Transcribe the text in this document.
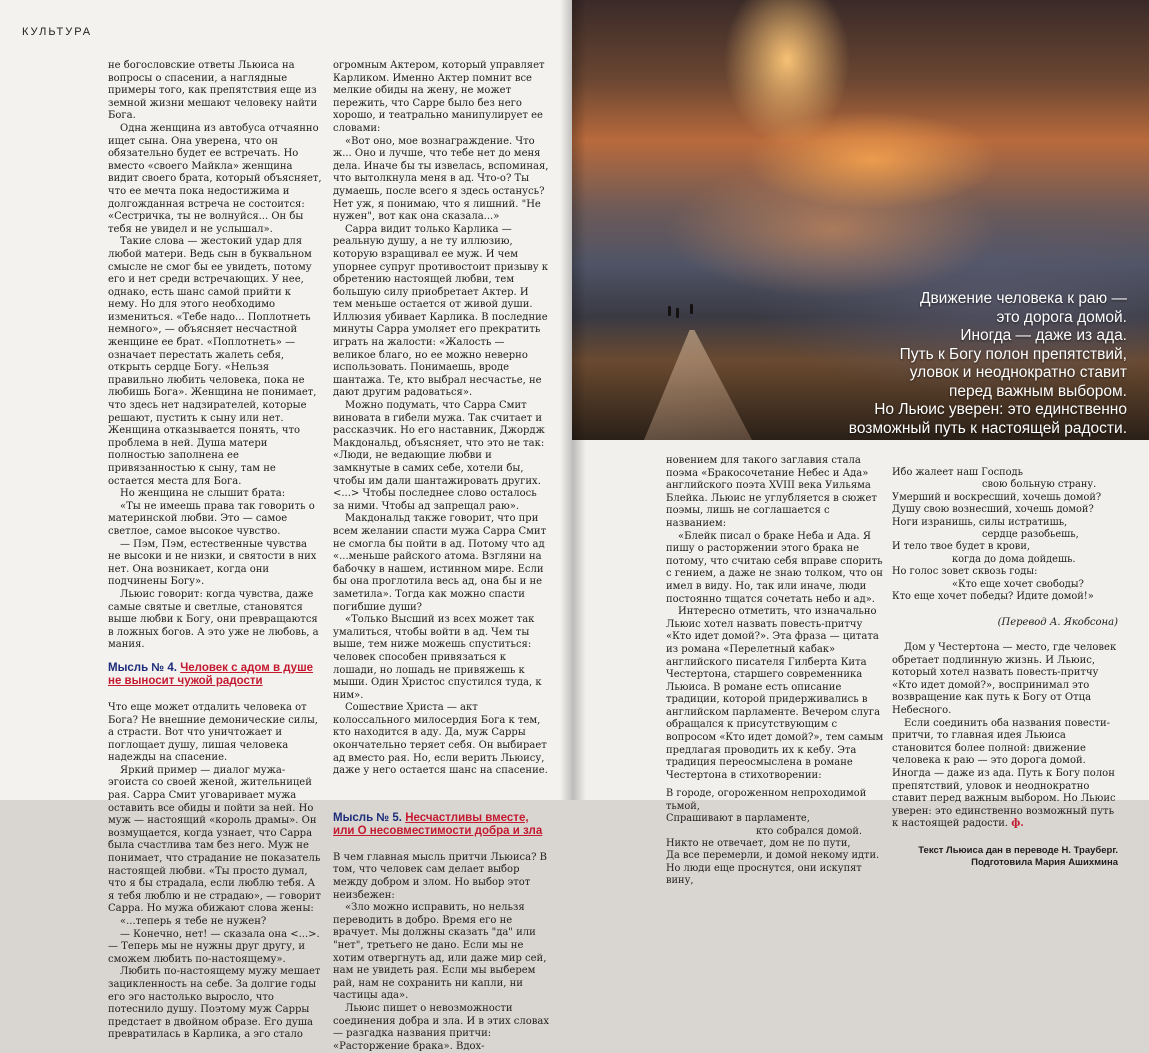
КУЛЬТУРА

не богословские ответы Льюиса на вопросы о спасении, а наглядные примеры того, как препятствия еще из земной жизни мешают человеку найти Бога.

Одна женщина из автобуса отчаянно ищет сына. Она уверена, что он обязательно будет ее встречать. Но вместо «своего Майкла» женщина видит своего брата, который объясняет, что ее мечта пока недостижима и долгожданная встреча не состоится: «Сестричка, ты не волнуйся... Он бы тебя не увидел и не услышал».

Такие слова — жестокий удар для любой матери. Ведь сын в буквальном смысле не смог бы ее увидеть, потому его и нет среди встречающих. У нее, однако, есть шанс самой прийти к нему. Но для этого необходимо измениться. «Тебе надо... Поплотнеть немного», — объясняет несчастной женщине ее брат. «Поплотнеть» — означает перестать жалеть себя, открыть сердце Богу. «Нельзя правильно любить человека, пока не любишь Бога». Женщина не понимает, что здесь нет надзирателей, которые решают, пустить к сыну или нет. Женщина отказывается понять, что проблема в ней. Душа матери полностью заполнена ее привязанностью к сыну, там не остается места для Бога.

Но женщина не слышит брата:

«Ты не имеешь права так говорить о материнской любви. Это — самое светлое, самое высокое чувство.

— Пэм, Пэм, естественные чувства не высоки и не низки, и святости в них нет. Она возникает, когда они подчинены Богу».

Льюис говорит: когда чувства, даже самые святые и светлые, становятся выше любви к Богу, они превращаются в ложных богов. А это уже не любовь, а мания.

Мысль № 4. Человек с адом в душе не выносит чужой радости

Что еще может отдалить человека от Бога? Не внешние демонические силы, а страсти. Вот что уничтожает и поглощает душу, лишая человека надежды на спасение.

Яркий пример — диалог мужа-эгоиста со своей женой, жительницей рая. Сарра Смит уговаривает мужа оставить все обиды и пойти за ней. Но муж — настоящий «король драмы». Он возмущается, когда узнает, что Сарра была счастлива там без него. Муж не понимает, что страдание не показатель настоящей любви. «Ты просто думал, что я бы страдала, если люблю тебя. А я тебя люблю и не страдаю», — говорит Сарра. Но мужа обижают слова жены:

«...теперь я тебе не нужен?

— Конечно, нет! — сказала она <...>. — Теперь мы не нужны друг другу, и сможем любить по-настоящему».

Любить по-настоящему мужу мешает зацикленность на себе. За долгие годы его эго настолько выросло, что потеснило душу. Поэтому муж Сарры предстает в двойном образе. Его душа превратилась в Карлика, а эго стало

огромным Актером, который управляет Карликом. Именно Актер помнит все мелкие обиды на жену, не может пережить, что Сарре было без него хорошо, и театрально манипулирует ее словами:

«Вот оно, мое вознаграждение. Что ж... Оно и лучше, что тебе нет до меня дела. Иначе бы ты извелась, вспоминая, что вытолкнула меня в ад. Что-о? Ты думаешь, после всего я здесь останусь? Нет уж, я понимаю, что я лишний. "Не нужен", вот как она сказала...»

Сарра видит только Карлика — реальную душу, а не ту иллюзию, которую взращивал ее муж. И чем упорнее супруг противостоит призыву к обретению настоящей любви, тем большую силу приобретает Актер. И тем меньше остается от живой души. Иллюзия убивает Карлика. В последние минуты Сарра умоляет его прекратить играть на жалости: «Жалость — великое благо, но ее можно неверно использовать. Понимаешь, вроде шантажа. Те, кто выбрал несчастье, не дают другим радоваться».

Можно подумать, что Сарра Смит виновата в гибели мужа. Так считает и рассказчик. Но его наставник, Джордж Макдональд, объясняет, что это не так: «Люди, не ведающие любви и замкнутые в самих себе, хотели бы, чтобы им дали шантажировать других. <...> Чтобы последнее слово осталось за ними. Чтобы ад запрещал раю».

Макдональд также говорит, что при всем желании спасти мужа Сарра Смит не смогла бы пойти в ад. Потому что ад «...меньше райского атома. Взгляни на бабочку в нашем, истинном мире. Если бы она проглотила весь ад, она бы и не заметила». Тогда как можно спасти погибшие души?

«Только Высший из всех может так умалиться, чтобы войти в ад. Чем ты выше, тем ниже можешь спуститься: человек способен привязаться к лошади, но лошадь не привяжешь к мыши. Один Христос спустился туда, к ним».

Сошествие Христа — акт колоссального милосердия Бога к тем, кто находится в аду. Да, муж Сарры окончательно теряет себя. Он выбирает ад вместо рая. Но, если верить Льюису, даже у него остается шанс на спасение.

Мысль № 5. Несчастливы вместе, или О несовместимости добра и зла

В чем главная мысль притчи Льюиса? В том, что человек сам делает выбор между добром и злом. Но выбор этот неизбежен:

«Зло можно исправить, но нельзя переводить в добро. Время его не врачует. Мы должны сказать "да" или "нет", третьего не дано. Если мы не хотим отвергнуть ад, или даже мир сей, нам не увидеть рая. Если мы выберем рай, нам не сохранить ни капли, ни частицы ада».

Льюис пишет о невозможности соединения добра и зла. И в этих словах — разгадка названия притчи: «Расторжение брака». Вдох-

Движение человека к раю —
это дорога домой.
Иногда — даже из ада.
Путь к Богу полон препятствий,
уловок и неоднократно ставит
перед важным выбором.
Но Льюис уверен: это единственно
возможный путь к настоящей радости.

новением для такого заглавия стала поэма «Бракосочетание Небес и Ада» английского поэта XVIII века Уильяма Блейка. Льюис не углубляется в сюжет поэмы, лишь не соглашается с названием:

«Блейк писал о браке Неба и Ада. Я пишу о расторжении этого брака не потому, что считаю себя вправе спорить с гением, а даже не знаю толком, что он имел в виду. Но, так или иначе, люди постоянно тщатся сочетать небо и ад».

Интересно отметить, что изначально Льюис хотел назвать повесть-притчу «Кто идет домой?». Эта фраза — цитата из романа «Перелетный кабак» английского писателя Гилберта Кита Честертона, старшего современника Льюиса. В романе есть описание традиции, которой придерживались в английском парламенте. Вечером слуга обращался к присутствующим с вопросом «Кто идет домой?», тем самым предлагая проводить их к кебу. Эта традиция переосмыслена в романе Честертона в стихотворении:

В городе, огороженном непроходимой тьмой,
Спрашивают в парламенте,
кто собрался домой.
Никто не отвечает, дом не по пути,
Да все перемерли, и домой некому идти.
Но люди еще проснутся, они искупят вину,
Ибо жалеет наш Господь
свою больную страну.
Умерший и воскресший, хочешь домой?
Душу свою вознесший, хочешь домой?
Ноги изранишь, силы истратишь,
сердце разобьешь,
И тело твое будет в крови,
когда до дома дойдешь.
Но голос зовет сквозь годы:
«Кто еще хочет свободы?
Кто еще хочет победы? Идите домой!»
(Перевод А. Якобсона)

Дом у Честертона — место, где человек обретает подлинную жизнь. И Льюис, который хотел назвать повесть-притчу «Кто идет домой?», воспринимал это возвращение как путь к Богу от Отца Небесного.

Если соединить оба названия повести-притчи, то главная идея Льюиса становится более полной: движение человека к раю — это дорога домой. Иногда — даже из ада. Путь к Богу полон препятствий, уловок и неоднократно ставит перед важным выбором. Но Льюис уверен: это единственно возможный путь к настоящей радости. ф.

Текст Льюиса дан в переводе Н. Трауберг.
Подготовила Мария Ашихмина
